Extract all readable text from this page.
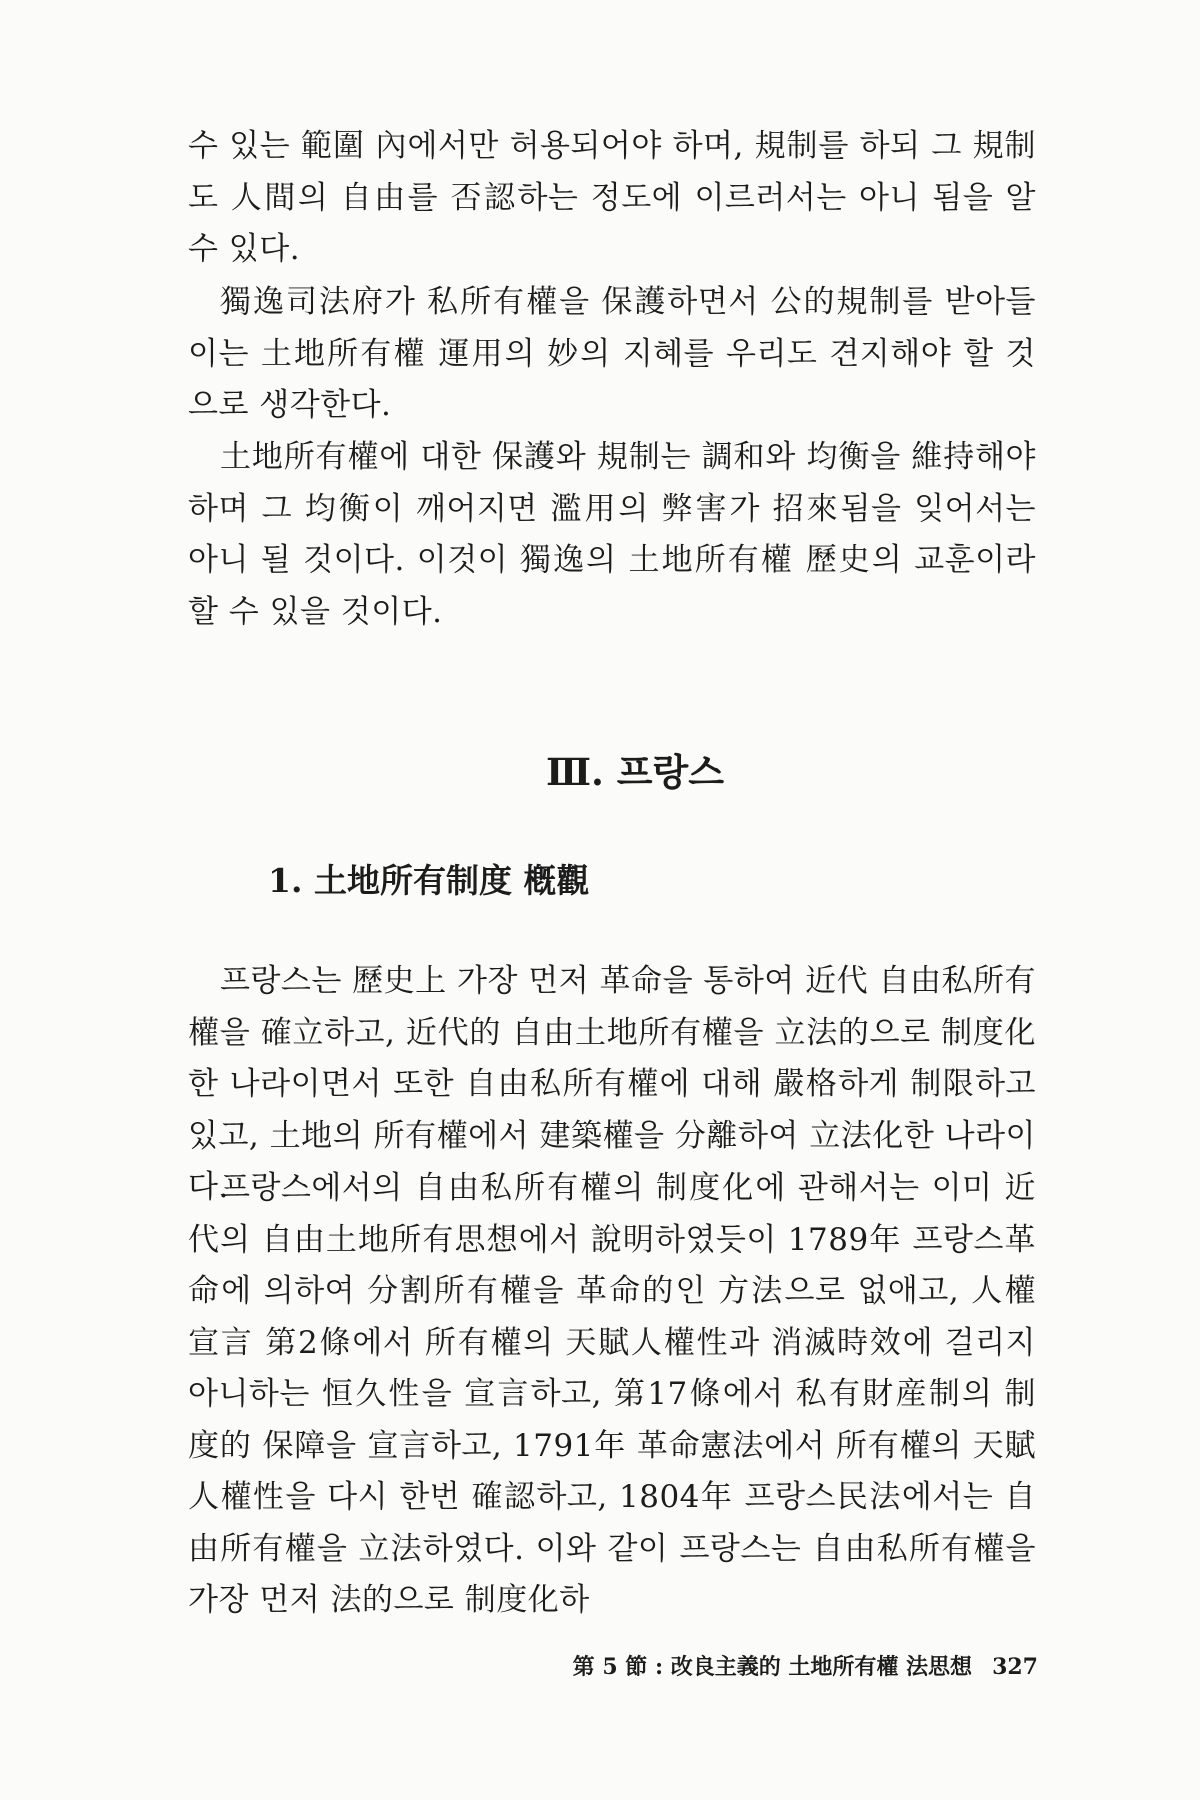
수 있는 範圍 內에서만 허용되어야 하며, 規制를 하되 그 規制도 人間의 自由를 否認하는 정도에 이르러서는 아니 됨을 알 수 있다.

獨逸司法府가 私所有權을 保護하면서 公的規制를 받아들이는 土地所有權 運用의 妙의 지혜를 우리도 견지해야 할 것으로 생각한다.

土地所有權에 대한 保護와 規制는 調和와 均衡을 維持해야 하며 그 均衡이 깨어지면 濫用의 弊害가 招來됨을 잊어서는 아니 될 것이다. 이것이 獨逸의 土地所有權 歷史의 교훈이라 할 수 있을 것이다.

Ⅲ. 프랑스
1. 土地所有制度 槪觀

프랑스는 歷史上 가장 먼저 革命을 통하여 近代 自由私所有權을 確立하고, 近代的 自由土地所有權을 立法的으로 制度化한 나라이면서 또한 自由私所有權에 대해 嚴格하게 制限하고 있고, 土地의 所有權에서 建築權을 分離하여 立法化한 나라이다.

프랑스에서의 自由私所有權의 制度化에 관해서는 이미 近代의 自由土地所有思想에서 說明하였듯이 1789年 프랑스革命에 의하여 分割所有權을 革命的인 方法으로 없애고, 人權宣言 第2條에서 所有權의 天賦人權性과 消滅時效에 걸리지 아니하는 恒久性을 宣言하고, 第17條에서 私有財産制의 制度的 保障을 宣言하고, 1791年 革命憲法에서 所有權의 天賦人權性을 다시 한번 確認하고, 1804年 프랑스民法에서는 自由所有權을 立法하였다. 이와 같이 프랑스는 自由私所有權을 가장 먼저 法的으로 制度化하

第 5 節 : 改良主義的 土地所有權 法思想 327
